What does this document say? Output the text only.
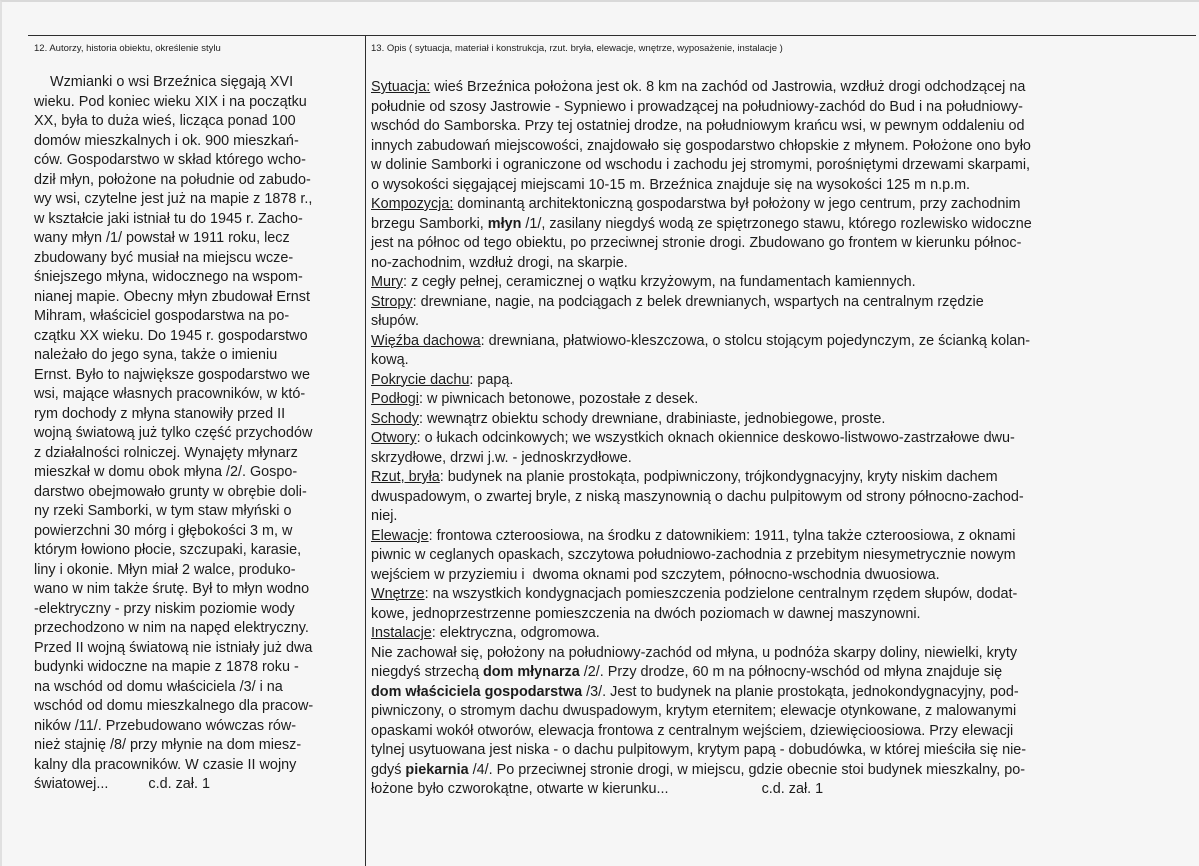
12. Autorzy, historia obiektu, określenie stylu	13. Opis ( sytuacja, materiał i konstrukcja, rzut. bryła, elewacje, wnętrze, wyposażenie, instalacje )
Wzmianki o wsi Brzeźnica sięgają XVI
wieku. Pod koniec wieku XIX i na początku
XX, była to duża wieś, licząca ponad 100
domów mieszkalnych i ok. 900 mieszkań-
ców. Gospodarstwo w skład którego wcho-
dził młyn, położone na południe od zabudo-
wy wsi, czytelne jest już na mapie z 1878 r.,
w kształcie jaki istniał tu do 1945 r. Zacho-
wany młyn /1/ powstał w 1911 roku, lecz
zbudowany być musiał na miejscu wcze-
śniejszego młyna, widocznego na wspom-
nianej mapie. Obecny młyn zbudował Ernst
Mihram, właściciel gospodarstwa na po-
czątku XX wieku. Do 1945 r. gospodarstwo
należało do jego syna, także o imieniu
Ernst. Było to największe gospodarstwo we
wsi, mające własnych pracowników, w któ-
rym dochody z młyna stanowiły przed II
wojną światową już tylko część przychodów
z działalności rolniczej. Wynajęty młynarz
mieszkał w domu obok młyna /2/. Gospo-
darstwo obejmowało grunty w obrębie doli-
ny rzeki Samborki, w tym staw młyński o
powierzchni 30 mórg i głębokości 3 m, w
którym łowiono płocie, szczupaki, karasie,
liny i okonie. Młyn miał 2 walce, produko-
wano w nim także śrutę. Był to młyn wodno
-elektryczny - przy niskim poziomie wody
przechodzono w nim na napęd elektryczny.
Przed II wojną światową nie istniały już dwa
budynki widoczne na mapie z 1878 roku -
na wschód od domu właściciela /3/ i na
wschód od domu mieszkalnego dla pracow-
ników /11/. Przebudowano wówczas rów-
nież stajnię /8/ przy młynie na dom miesz-
kalny dla pracowników. W czasie II wojny
światowej...	c.d. zał. 1
Sytuacja: wieś Brzeźnica położona jest ok. 8 km na zachód od Jastrowia, wzdłuż drogi odchodzącej na
południe od szosy Jastrowie - Sypniewo i prowadzącej na południowy-zachód do Bud i na południowy-
wschód do Samborska. Przy tej ostatniej drodze, na południowym krańcu wsi, w pewnym oddaleniu od
innych zabudowań miejscowości, znajdowało się gospodarstwo chłopskie z młynem. Położone ono było
w dolinie Samborki i ograniczone od wschodu i zachodu jej stromymi, porośniętymi drzewami skarpami,
o wysokości sięgającej miejscami 10-15 m. Brzeźnica znajduje się na wysokości 125 m n.p.m.
Kompozycja: dominantą architektoniczną gospodarstwa był położony w jego centrum, przy zachodnim
brzegu Samborki, młyn /1/, zasilany niegdyś wodą ze spiętrzonego stawu, którego rozlewisko widoczne
jest na północ od tego obiektu, po przeciwnej stronie drogi. Zbudowano go frontem w kierunku północ-
no-zachodnim, wzdłuż drogi, na skarpie.
Mury: z cegły pełnej, ceramicznej o wątku krzyżowym, na fundamentach kamiennych.
Stropy: drewniane, nagie, na podciągach z belek drewnianych, wspartych na centralnym rzędzie
słupów.
Więźba dachowa: drewniana, płatwiowo-kleszczowa, o stolcu stojącym pojedynczym, ze ścianką kolan-
kową.
Pokrycie dachu: papą.
Podłogi: w piwnicach betonowe, pozostałe z desek.
Schody: wewnątrz obiektu schody drewniane, drabiniaste, jednobiegowe, proste.
Otwory: o łukach odcinkowych; we wszystkich oknach okiennice deskowo-listwowo-zastrzałowe dwu-
skrzydłowe, drzwi j.w. - jednoskrzydłowe.
Rzut, bryła: budynek na planie prostokąta, podpiwniczony, trójkondygnacyjny, kryty niskim dachem
dwuspadowym, o zwartej bryle, z niską maszynownią o dachu pulpitowym od strony północno-zachod-
niej.
Elewacje: frontowa czteroosiowa, na środku z datownikiem: 1911, tylna także czteroosiowa, z oknami
piwnic w ceglanych opaskach, szczytowa południowo-zachodnia z przebitym niesymetrycznie nowym
wejściem w przyziemiu i  dwoma oknami pod szczytem, północno-wschodnia dwuosiowa.
Wnętrze: na wszystkich kondygnacjach pomieszczenia podzielone centralnym rzędem słupów, dodat-
kowe, jednoprzestrzenne pomieszczenia na dwóch poziomach w dawnej maszynowni.
Instalacje: elektryczna, odgromowa.
Nie zachował się, położony na południowy-zachód od młyna, u podnóża skarpy doliny, niewielki, kryty
niegdyś strzechą dom młynarza /2/. Przy drodze, 60 m na północny-wschód od młyna znajduje się
dom właściciela gospodarstwa /3/. Jest to budynek na planie prostokąta, jednokondygnacyjny, pod-
piwniczony, o stromym dachu dwuspadowym, krytym eternitem; elewacje otynkowane, z malowanymi
opaskami wokół otworów, elewacja frontowa z centralnym wejściem, dziewięcioosiowa. Przy elewacji
tylnej usytuowana jest niska - o dachu pulpitowym, krytym papą - dobudówka, w której mieściła się nie-
gdyś piekarnia /4/. Po przeciwnej stronie drogi, w miejscu, gdzie obecnie stoi budynek mieszkalny, po-
łożone było czworokątne, otwarte w kierunku...	c.d. zał. 1
